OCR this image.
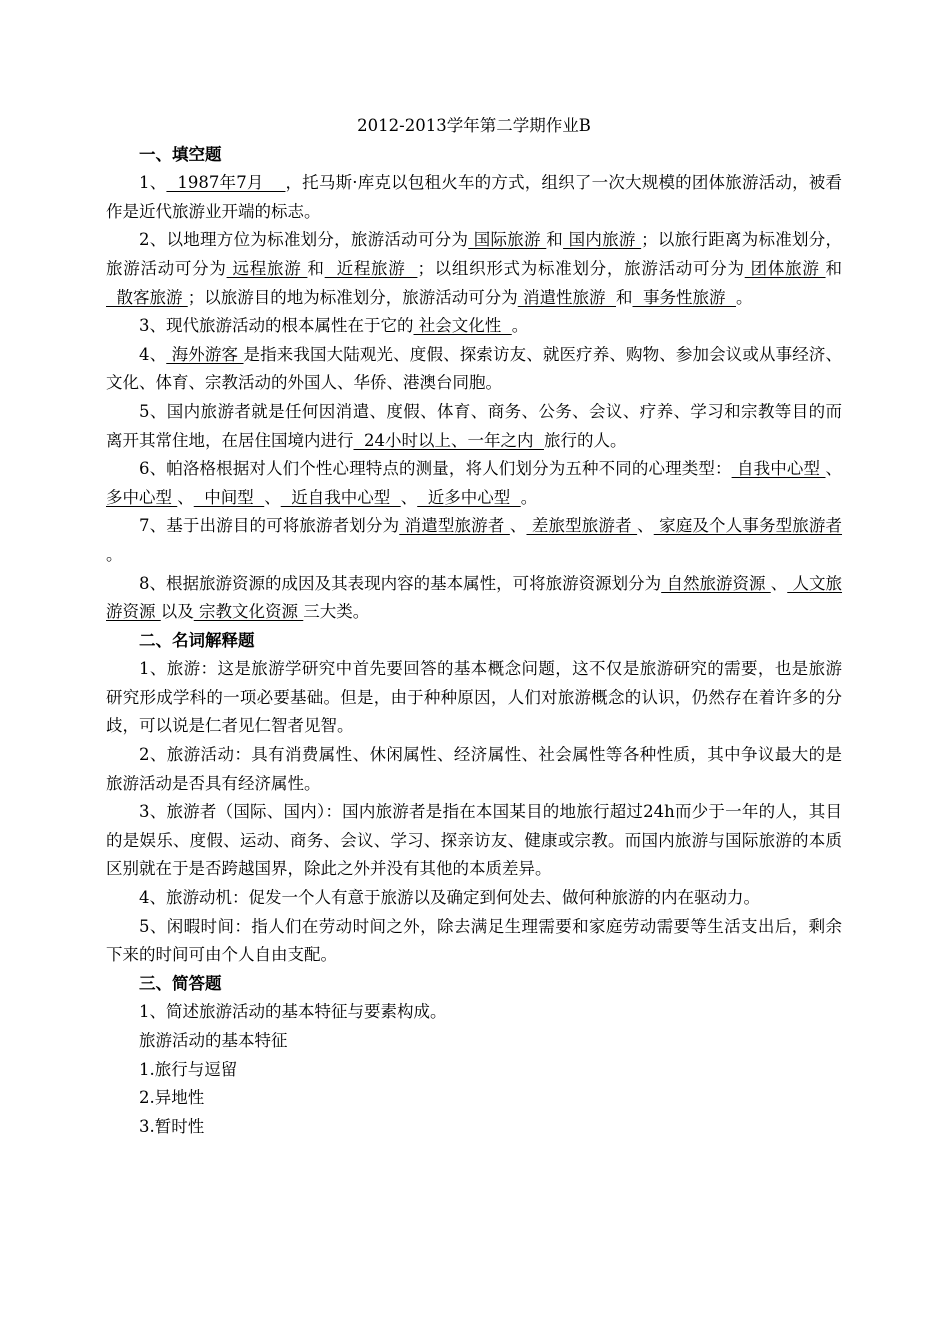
2012-2013学年第二学期作业B

一、填空题

1、  1987年7月    ，托马斯·库克以包租火车的方式，组织了一次大规模的团体旅游活动，被看作是近代旅游业开端的标志。

2、以地理方位为标准划分，旅游活动可分为 国际旅游 和 国内旅游 ；以旅行距离为标准划分，旅游活动可分为 远程旅游 和  近程旅游  ；以组织形式为标准划分，旅游活动可分为 团体旅游 和  散客旅游 ；以旅游目的地为标准划分，旅游活动可分为 消遣性旅游  和  事务性旅游  。

3、现代旅游活动的根本属性在于它的 社会文化性  。

4、 海外游客 是指来我国大陆观光、度假、探索访友、就医疗养、购物、参加会议或从事经济、文化、体育、宗教活动的外国人、华侨、港澳台同胞。

5、国内旅游者就是任何因消遣、度假、体育、商务、公务、会议、疗养、学习和宗教等目的而离开其常住地，在居住国境内进行  24小时以上、一年之内  旅行的人。

6、帕洛格根据对人们个性心理特点的测量，将人们划分为五种不同的心理类型： 自我中心型 、 多中心型 、  中间型  、  近自我中心型  、  近多中心型  。

7、基于出游目的可将旅游者划分为 消遣型旅游者 、 差旅型旅游者 、 家庭及个人事务型旅游者 。

8、根据旅游资源的成因及其表现内容的基本属性，可将旅游资源划分为 自然旅游资源 、 人文旅游资源 以及 宗教文化资源 三大类。

二、名词解释题

1、旅游：这是旅游学研究中首先要回答的基本概念问题，这不仅是旅游研究的需要，也是旅游研究形成学科的一项必要基础。但是，由于种种原因，人们对旅游概念的认识，仍然存在着许多的分歧，可以说是仁者见仁智者见智。

2、旅游活动：具有消费属性、休闲属性、经济属性、社会属性等各种性质，其中争议最大的是旅游活动是否具有经济属性。

3、旅游者（国际、国内）：国内旅游者是指在本国某目的地旅行超过24h而少于一年的人，其目的是娱乐、度假、运动、商务、会议、学习、探亲访友、健康或宗教。而国内旅游与国际旅游的本质区别就在于是否跨越国界，除此之外并没有其他的本质差异。

4、旅游动机：促发一个人有意于旅游以及确定到何处去、做何种旅游的内在驱动力。

5、闲暇时间：指人们在劳动时间之外，除去满足生理需要和家庭劳动需要等生活支出后，剩余下来的时间可由个人自由支配。

三、简答题

1、简述旅游活动的基本特征与要素构成。

旅游活动的基本特征

1.旅行与逗留

2.异地性

3.暂时性
